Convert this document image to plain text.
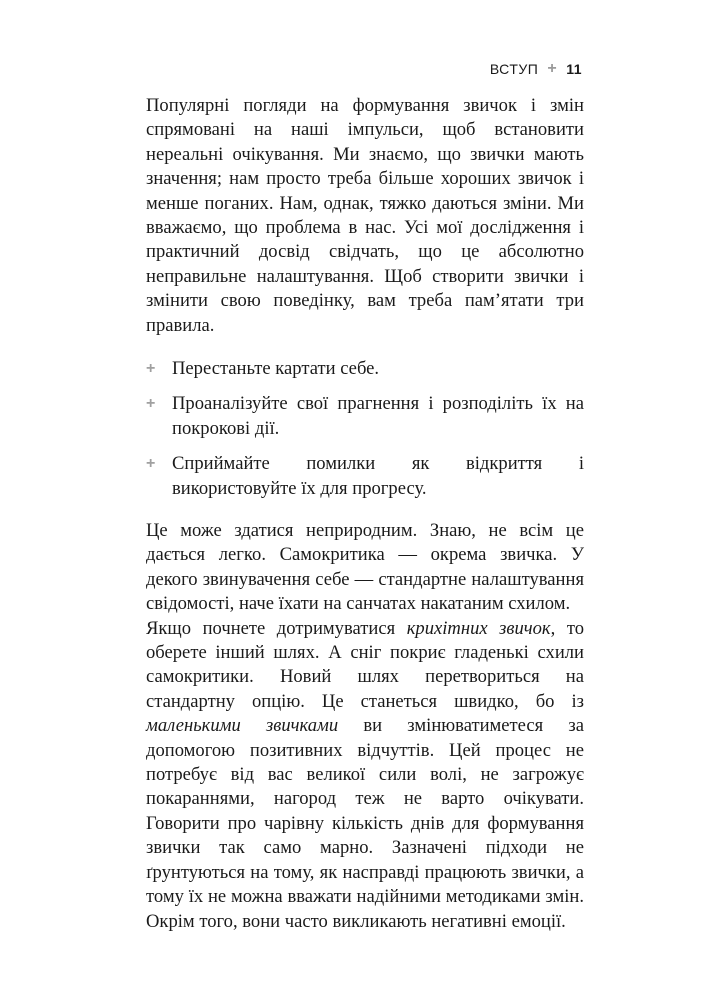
ВСТУП + 11

Популярні погляди на формування звичок і змін спрямовані на наші імпульси, щоб встановити нереальні очікування. Ми знаємо, що звички мають значення; нам просто треба більше хороших звичок і менше поганих. Нам, однак, тяжко даються зміни. Ми вважаємо, що проблема в нас. Усі мої дослідження і практичний досвід свідчать, що це абсолютно неправильне налаштування. Щоб створити звички і змінити свою поведінку, вам треба пам’ятати три правила.

+ Перестаньте картати себе.
+ Проаналізуйте свої прагнення і розподіліть їх на покрокові дії.
+ Сприймайте помилки як відкриття і використовуйте їх для прогресу.

Це може здатися неприродним. Знаю, не всім це дається легко. Самокритика — окрема звичка. У декого звинувачення себе — стандартне налаштування свідомості, наче їхати на санчатах накатаним схилом.

Якщо почнете дотримуватися крихітних звичок, то оберете інший шлях. А сніг покриє гладенькі схили самокритики. Новий шлях перетвориться на стандартну опцію. Це станеться швидко, бо із маленькими звичками ви змінюватиметеся за допомогою позитивних відчуттів. Цей процес не потребує від вас великої сили волі, не загрожує покараннями, нагород теж не варто очікувати. Говорити про чарівну кількість днів для формування звички так само марно. Зазначені підходи не ґрунтуються на тому, як насправді працюють звички, а тому їх не можна вважати надійними методиками змін. Окрім того, вони часто викликають негативні емоції.
